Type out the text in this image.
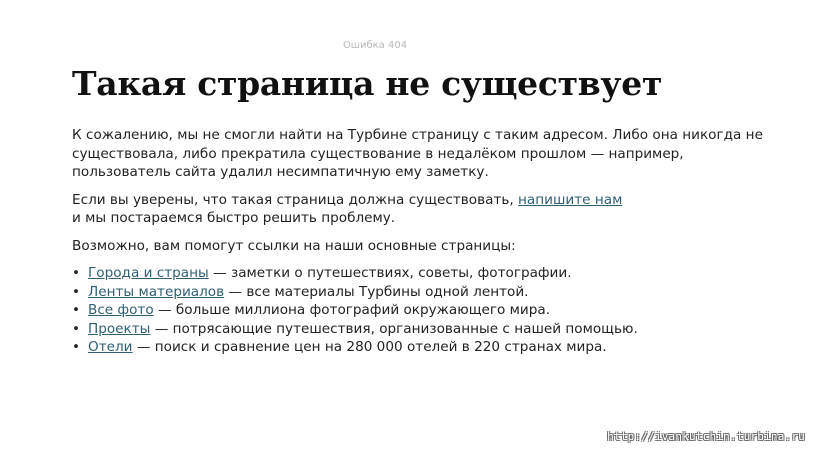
Ошибка 404
Такая страница не существует

К сожалению, мы не смогли найти на Турбине страницу с таким адресом. Либо она никогда не существовала, либо прекратила существование в недалёком прошлом — например, пользователь сайта удалил несимпатичную ему заметку.

Если вы уверены, что такая страница должна существовать, напишите нам
и мы постараемся быстро решить проблему.

Возможно, вам помогут ссылки на наши основные страницы:

• Города и страны — заметки о путешествиях, советы, фотографии.
• Ленты материалов — все материалы Турбины одной лентой.
• Все фото — больше миллиона фотографий окружающего мира.
• Проекты — потрясающие путешествия, организованные с нашей помощью.
• Отели — поиск и сравнение цен на 280 000 отелей в 220 странах мира.
http://ivankutchin.turbina.ru
